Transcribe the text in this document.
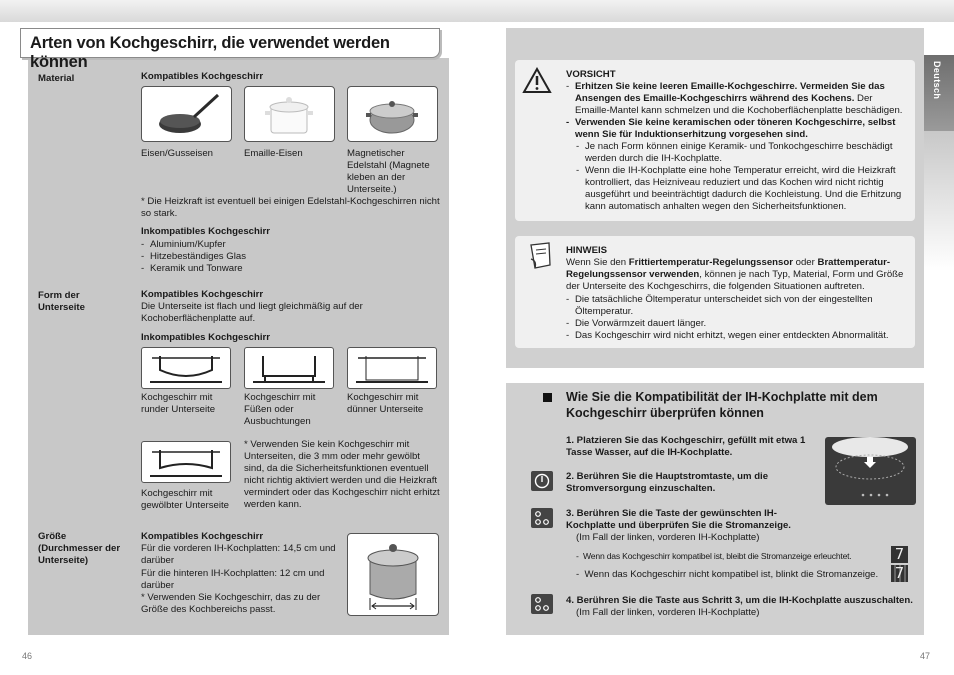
Arten von Kochgeschirr, die verwendet werden können	Deutsch
Material	Kompatibles Kochgeschirr
Eisen/Gusseisen	Emaille-Eisen	Magnetischer Edelstahl (Magnete kleben an der Unterseite.)
* Die Heizkraft ist eventuell bei einigen Edelstahl-Kochgeschirren nicht so stark.
Inkompatibles Kochgeschirr
- Aluminium/Kupfer
- Hitzebeständiges Glas
- Keramik und Tonware
Form der Unterseite
Kompatibles Kochgeschirr
Die Unterseite ist flach und liegt gleichmäßig auf der Kochoberflächenplatte auf.
Inkompatibles Kochgeschirr
Kochgeschirr mit runder Unterseite
Kochgeschirr mit Füßen oder Ausbuchtungen
Kochgeschirr mit dünner Unterseite
Kochgeschirr mit gewölbter Unterseite
* Verwenden Sie kein Kochgeschirr mit Unterseiten, die 3 mm oder mehr gewölbt sind, da die Sicherheitsfunktionen eventuell nicht richtig aktiviert werden und die Heizkraft vermindert oder das Kochgeschirr nicht erhitzt werden kann.
Größe (Durchmesser der Unterseite)
Kompatibles Kochgeschirr
Für die vorderen IH-Kochplatten: 14,5 cm und darüber
Für die hinteren IH-Kochplatten: 12 cm und darüber
* Verwenden Sie Kochgeschirr, das zu der Größe des Kochbereichs passt.
VORSICHT
- Erhitzen Sie keine leeren Emaille-Kochgeschirre. Vermeiden Sie das Ansengen des Emaille-Kochgeschirrs während des Kochens. Der Emaille-Mantel kann schmelzen und die Kochoberflächenplatte beschädigen.
- Verwenden Sie keine keramischen oder töneren Kochgeschirre, selbst wenn Sie für Induktionserhitzung vorgesehen sind.
- Je nach Form können einige Keramik- und Tonkochgeschirre beschädigt werden durch die IH-Kochplatte.
- Wenn die IH-Kochplatte eine hohe Temperatur erreicht, wird die Heizkraft kontrolliert, das Heizniveau reduziert und das Kochen wird nicht richtig ausgeführt und beeinträchtigt dadurch die Kochleistung. Und die Erhitzung kann automatisch anhalten wegen den Sicherheitsfunktionen.
HINWEIS
Wenn Sie den Frittiertemperatur-Regelungssensor oder Brattemperatur-Regelungssensor verwenden, können je nach Typ, Material, Form und Größe der Unterseite des Kochgeschirrs, die folgenden Situationen auftreten.
- Die tatsächliche Öltemperatur unterscheidet sich von der eingestellten Öltemperatur.
- Die Vorwärmzeit dauert länger.
- Das Kochgeschirr wird nicht erhitzt, wegen einer entdeckten Abnormalität.
Wie Sie die Kompatibilität der IH-Kochplatte mit dem Kochgeschirr überprüfen können
1. Platzieren Sie das Kochgeschirr, gefüllt mit etwa 1 Tasse Wasser, auf die IH-Kochplatte.
2. Berühren Sie die Hauptstromtaste, um die Stromversorgung einzuschalten.
3. Berühren Sie die Taste der gewünschten IH-Kochplatte und überprüfen Sie die Stromanzeige.
(Im Fall der linken, vorderen IH-Kochplatte)
-  Wenn das Kochgeschirr kompatibel ist, bleibt die Stromanzeige erleuchtet.	7
-  Wenn das Kochgeschirr nicht kompatibel ist, blinkt die Stromanzeige. 7
4. Berühren Sie die Taste aus Schritt 3, um die IH-Kochplatte auszuschalten.
(Im Fall der linken, vorderen IH-Kochplatte)
46	47
